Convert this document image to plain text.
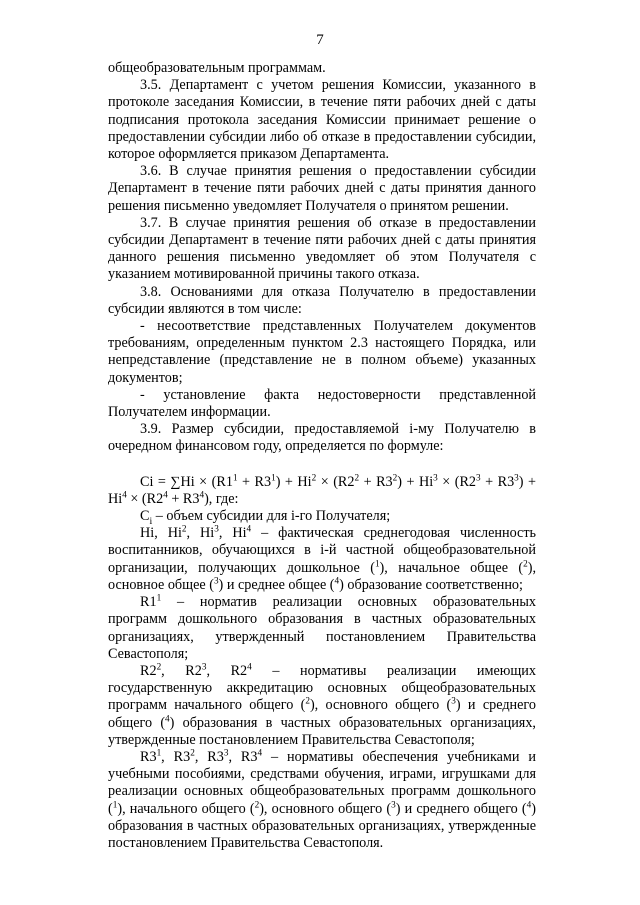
7

общеобразовательным программам.

3.5. Департамент с учетом решения Комиссии, указанного в протоколе заседания Комиссии, в течение пяти рабочих дней с даты подписания протокола заседания Комиссии принимает решение о предоставлении субсидии либо об отказе в предоставлении субсидии, которое оформляется приказом Департамента.

3.6. В случае принятия решения о предоставлении субсидии Департамент в течение пяти рабочих дней с даты принятия данного решения письменно уведомляет Получателя о принятом решении.

3.7. В случае принятия решения об отказе в предоставлении субсидии Департамент в течение пяти рабочих дней с даты принятия данного решения письменно уведомляет об этом Получателя с указанием мотивированной причины такого отказа.

3.8. Основаниями для отказа Получателю в предоставлении субсидии являются в том числе:

- несоответствие представленных Получателем документов требованиям, определенным пунктом 2.3 настоящего Порядка, или непредставление (представление не в полном объеме) указанных документов;

- установление факта недостоверности представленной Получателем информации.

3.9. Размер субсидии, предоставляемой i-му Получателю в очередном финансовом году, определяется по формуле:

$Ci = \sum Hi \times (R1^1 + R3^1) + Hi^2 \times (R2^2 + R3^2) + Hi^3 \times (R2^3 + R3^3) + Hi^4 \times (R2^4 + R3^4)$, где:

$C_i$ – объем субсидии для i-го Получателя;

Hi, Hi$^2$, Hi$^3$, Hi$^4$ – фактическая среднегодовая численность воспитанников, обучающихся в i-й частной общеобразовательной организации, получающих дошкольное ($^1$), начальное общее ($^2$), основное общее ($^3$) и среднее общее ($^4$) образование соответственно;

$R1^1$ – норматив реализации основных образовательных программ дошкольного образования в частных образовательных организациях, утвержденный постановлением Правительства Севастополя;

$R2^2$, $R2^3$, $R2^4$ – нормативы реализации имеющих государственную аккредитацию основных общеобразовательных программ начального общего ($^2$), основного общего ($^3$) и среднего общего ($^4$) образования в частных образовательных организациях, утвержденные постановлением Правительства Севастополя;

$R3^1$, $R3^2$, $R3^3$, $R3^4$ – нормативы обеспечения учебниками и учебными пособиями, средствами обучения, играми, игрушками для реализации основных общеобразовательных программ дошкольного ($^1$), начального общего ($^2$), основного общего ($^3$) и среднего общего ($^4$) образования в частных образовательных организациях, утвержденные постановлением Правительства Севастополя.
